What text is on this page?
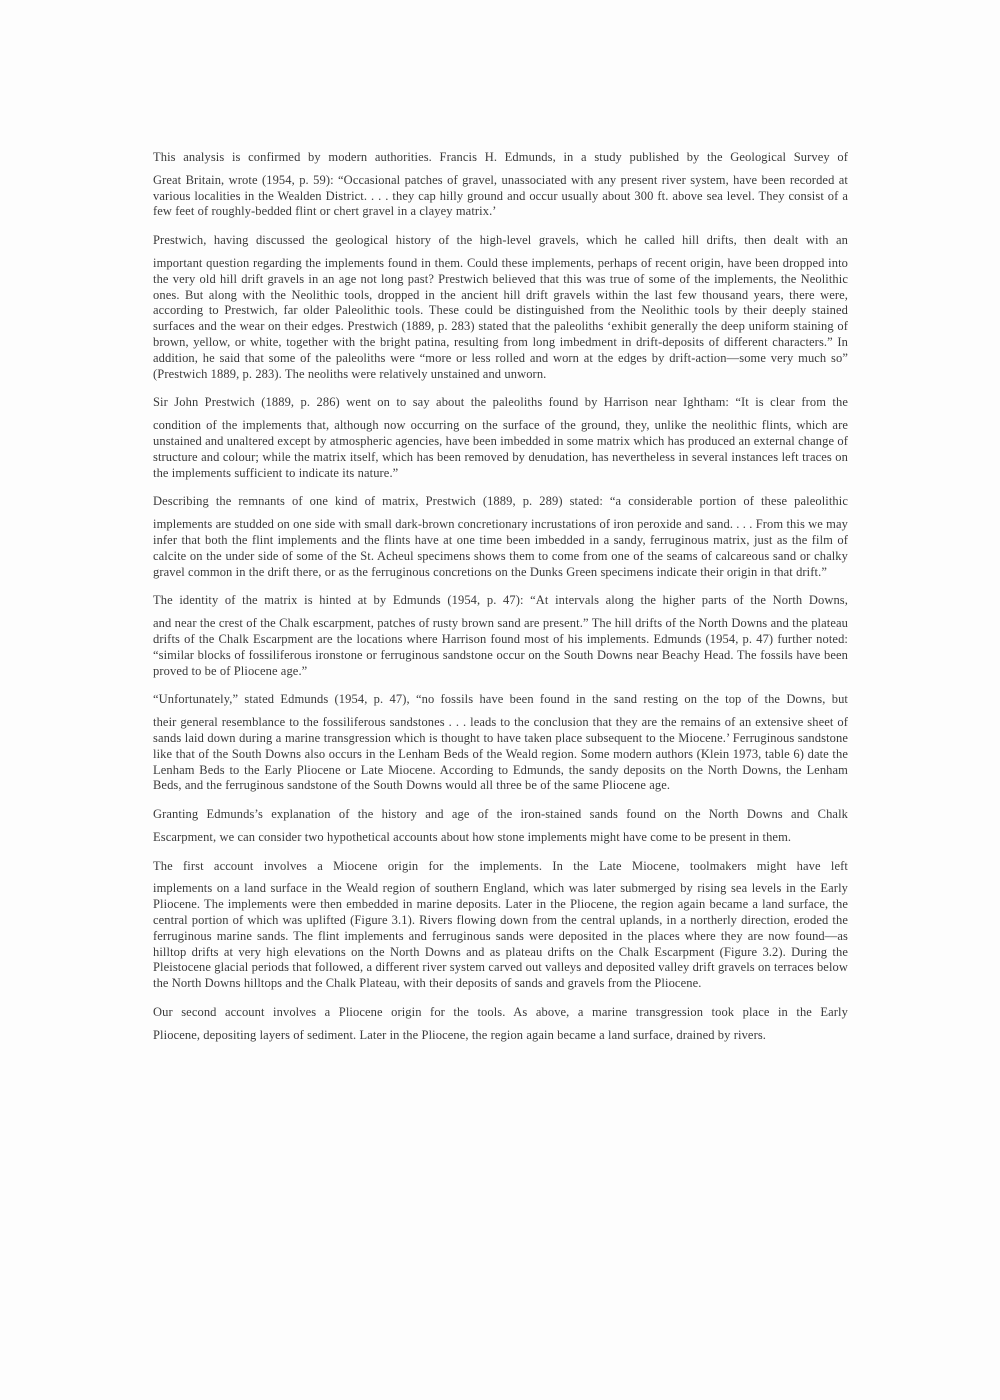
This analysis is confirmed by modern authorities. Francis H. Edmunds, in a study published by the Geological Survey of
Great Britain, wrote (1954, p. 59): “Occasional patches of gravel, unassociated with any present river system, have been recorded at various localities in the Wealden District. . . . they cap hilly ground and occur usually about 300 ft. above sea level. They consist of a few feet of roughly-bedded flint or chert gravel in a clayey matrix.’
Prestwich, having discussed the geological history of the high-level gravels, which he called hill drifts, then dealt with an
important question regarding the implements found in them. Could these implements, perhaps of recent origin, have been dropped into the very old hill drift gravels in an age not long past? Prestwich believed that this was true of some of the implements, the Neolithic ones. But along with the Neolithic tools, dropped in the ancient hill drift gravels within the last few thousand years, there were, according to Prestwich, far older Paleolithic tools. These could be distinguished from the Neolithic tools by their deeply stained surfaces and the wear on their edges. Prestwich (1889, p. 283) stated that the paleoliths ‘exhibit generally the deep uniform staining of brown, yellow, or white, together with the bright patina, resulting from long imbedment in drift-deposits of different characters.” In addition, he said that some of the paleoliths were “more or less rolled and worn at the edges by drift-action—some very much so” (Prestwich 1889, p. 283). The neoliths were relatively unstained and unworn.
Sir John Prestwich (1889, p. 286) went on to say about the paleoliths found by Harrison near Ightham: “It is clear from the
condition of the implements that, although now occurring on the surface of the ground, they, unlike the neolithic flints, which are unstained and unaltered except by atmospheric agencies, have been imbedded in some matrix which has produced an external change of structure and colour; while the matrix itself, which has been removed by denudation, has nevertheless in several instances left traces on the implements sufficient to indicate its nature.”
Describing the remnants of one kind of matrix, Prestwich (1889, p. 289) stated: “a considerable portion of these paleolithic
implements are studded on one side with small dark-brown concretionary incrustations of iron peroxide and sand. . . . From this we may infer that both the flint implements and the flints have at one time been imbedded in a sandy, ferruginous matrix, just as the film of calcite on the under side of some of the St. Acheul specimens shows them to come from one of the seams of calcareous sand or chalky gravel common in the drift there, or as the ferruginous concretions on the Dunks Green specimens indicate their origin in that drift.”
The identity of the matrix is hinted at by Edmunds (1954, p. 47): “At intervals along the higher parts of the North Downs,
and near the crest of the Chalk escarpment, patches of rusty brown sand are present.” The hill drifts of the North Downs and the plateau drifts of the Chalk Escarpment are the locations where Harrison found most of his implements. Edmunds (1954, p. 47) further noted: “similar blocks of fossiliferous ironstone or ferruginous sandstone occur on the South Downs near Beachy Head. The fossils have been proved to be of Pliocene age.”
“Unfortunately,” stated Edmunds (1954, p. 47), “no fossils have been found in the sand resting on the top of the Downs, but
their general resemblance to the fossiliferous sandstones . . . leads to the conclusion that they are the remains of an extensive sheet of sands laid down during a marine transgression which is thought to have taken place subsequent to the Miocene.’ Ferruginous sandstone like that of the South Downs also occurs in the Lenham Beds of the Weald region. Some modern authors (Klein 1973, table 6) date the Lenham Beds to the Early Pliocene or Late Miocene. According to Edmunds, the sandy deposits on the North Downs, the Lenham Beds, and the ferruginous sandstone of the South Downs would all three be of the same Pliocene age.
Granting Edmunds’s explanation of the history and age of the iron-stained sands found on the North Downs and Chalk
Escarpment, we can consider two hypothetical accounts about how stone implements might have come to be present in them.
The first account involves a Miocene origin for the implements. In the Late Miocene, toolmakers might have left
implements on a land surface in the Weald region of southern England, which was later submerged by rising sea levels in the Early Pliocene. The implements were then embedded in marine deposits. Later in the Pliocene, the region again became a land surface, the central portion of which was uplifted (Figure 3.1). Rivers flowing down from the central uplands, in a northerly direction, eroded the ferruginous marine sands. The flint implements and ferruginous sands were deposited in the places where they are now found—as hilltop drifts at very high elevations on the North Downs and as plateau drifts on the Chalk Escarpment (Figure 3.2). During the Pleistocene glacial periods that followed, a different river system carved out valleys and deposited valley drift gravels on terraces below the North Downs hilltops and the Chalk Plateau, with their deposits of sands and gravels from the Pliocene.
Our second account involves a Pliocene origin for the tools. As above, a marine transgression took place in the Early
Pliocene, depositing layers of sediment. Later in the Pliocene, the region again became a land surface, drained by rivers.
